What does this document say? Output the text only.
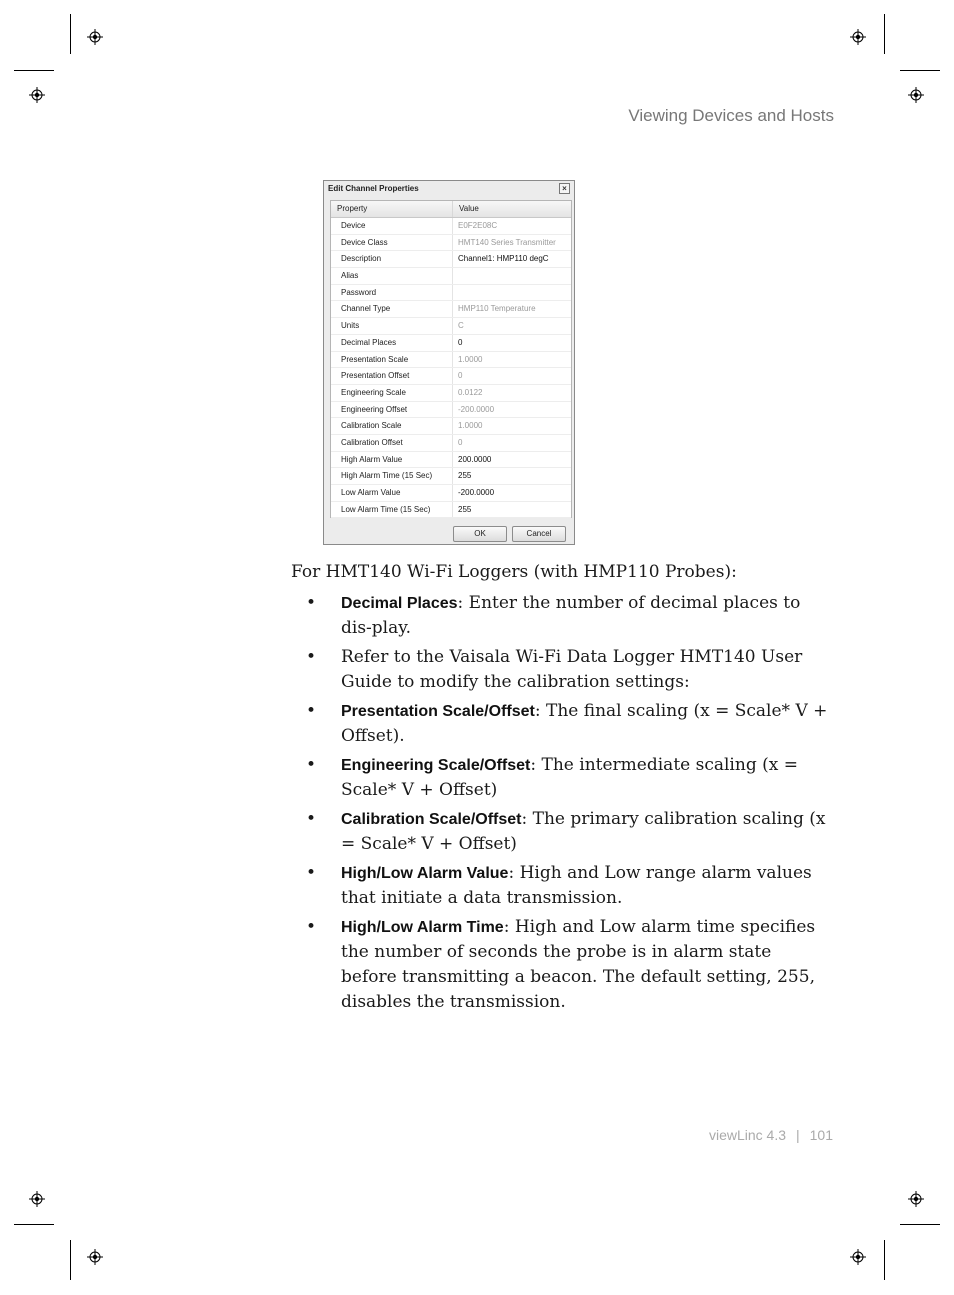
Viewing Devices and Hosts
Edit Channel Properties	×
Property	Value
Device	E0F2E08C
Device Class	HMT140 Series Transmitter
Description	Channel1: HMP110 degC
Alias
Password
Channel Type	HMP110 Temperature
Units	C
Decimal Places	0
Presentation Scale	1.0000
Presentation Offset	0
Engineering Scale	0.0122
Engineering Offset	-200.0000
Calibration Scale	1.0000
Calibration Offset	0
High Alarm Value	200.0000
High Alarm Time (15 Sec)	255
Low Alarm Value	-200.0000
Low Alarm Time (15 Sec)	255
OK	Cancel
For HMT140 Wi-Fi Loggers (with HMP110 Probes):
• Decimal Places: Enter the number of decimal places to dis-play.
• Refer to the Vaisala Wi-Fi Data Logger HMT140 User Guide to modify the calibration settings:
• Presentation Scale/Offset: The final scaling (x = Scale* V + Offset).
• Engineering Scale/Offset: The intermediate scaling (x = Scale* V + Offset)
• Calibration Scale/Offset: The primary calibration scaling (x = Scale* V + Offset)
• High/Low Alarm Value: High and Low range alarm values that initiate a data transmission.
• High/Low Alarm Time: High and Low alarm time specifies the number of seconds the probe is in alarm state before transmitting a beacon. The default setting, 255, disables the transmission.
viewLinc 4.3 | 101
